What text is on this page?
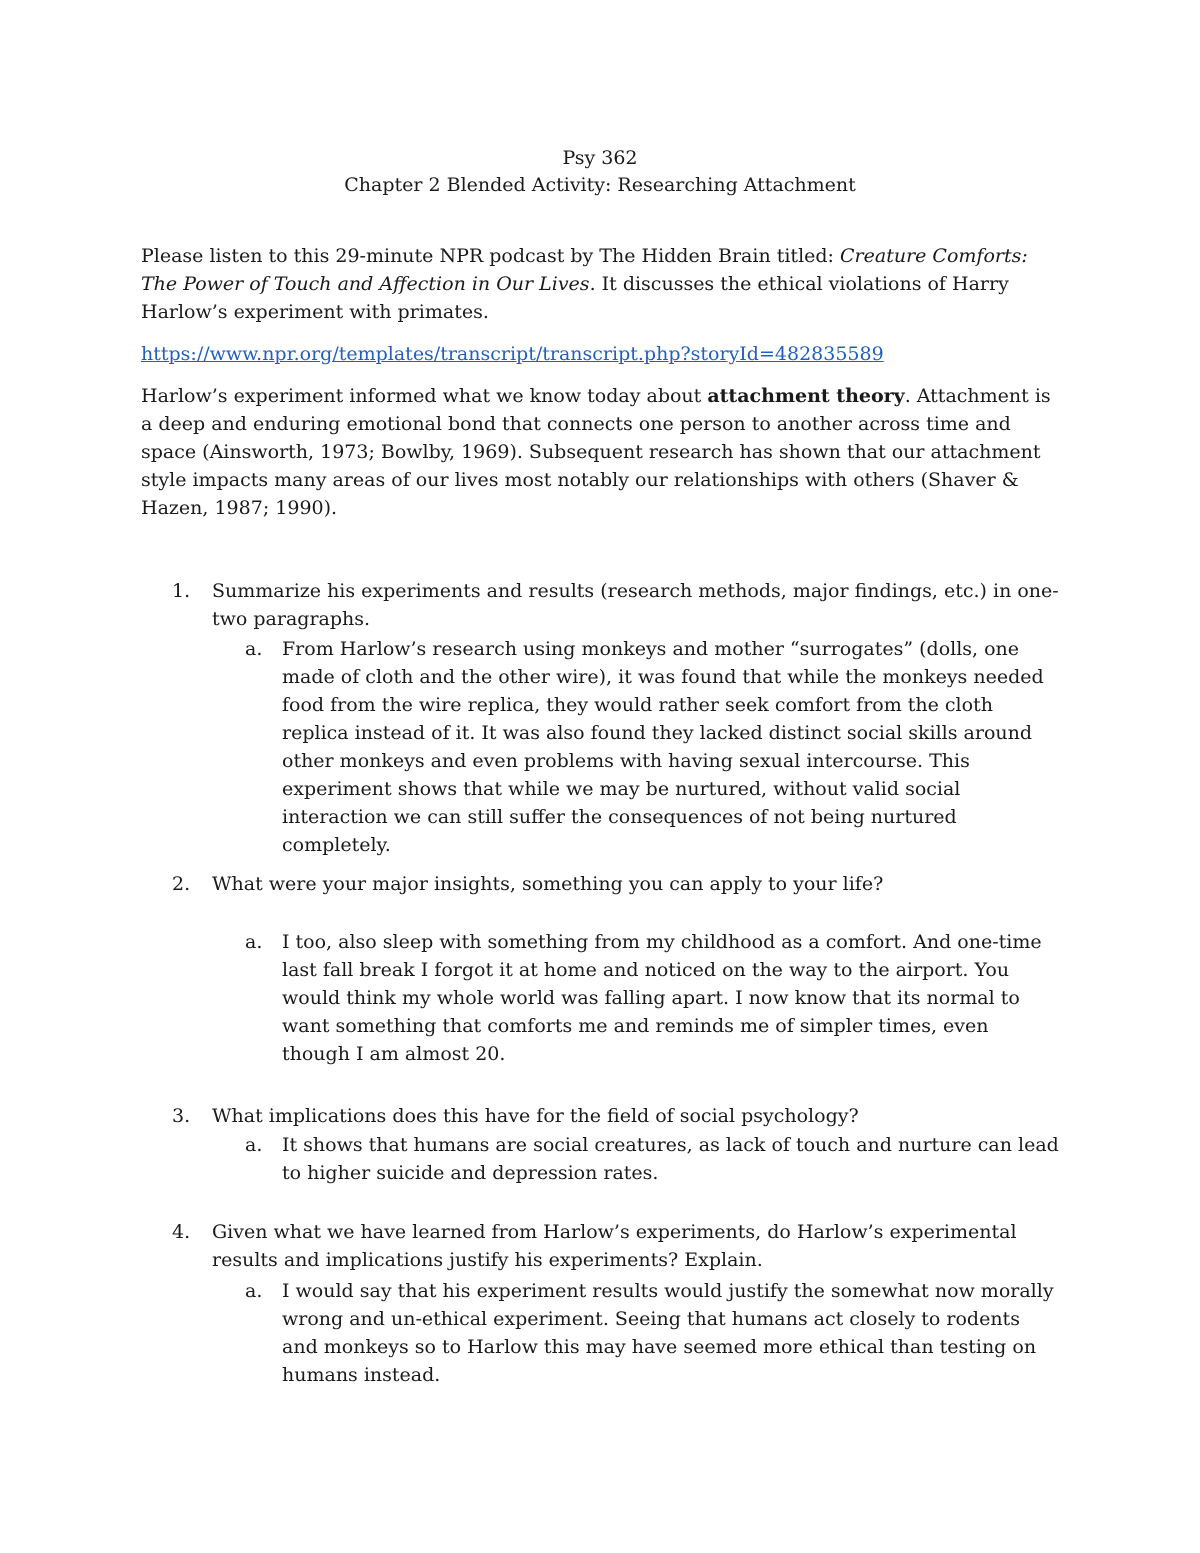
Psy 362
Chapter 2 Blended Activity: Researching Attachment
Please listen to this 29-minute NPR podcast by The Hidden Brain titled: Creature Comforts: The Power of Touch and Affection in Our Lives. It discusses the ethical violations of Harry Harlow’s experiment with primates.
https://www.npr.org/templates/transcript/transcript.php?storyId=482835589
Harlow’s experiment informed what we know today about attachment theory. Attachment is a deep and enduring emotional bond that connects one person to another across time and space (Ainsworth, 1973; Bowlby, 1969). Subsequent research has shown that our attachment style impacts many areas of our lives most notably our relationships with others (Shaver & Hazen, 1987; 1990).
1. Summarize his experiments and results (research methods, major findings, etc.) in one-two paragraphs.

a. From Harlow’s research using monkeys and mother “surrogates” (dolls, one made of cloth and the other wire), it was found that while the monkeys needed food from the wire replica, they would rather seek comfort from the cloth replica instead of it. It was also found they lacked distinct social skills around other monkeys and even problems with having sexual intercourse. This experiment shows that while we may be nurtured, without valid social interaction we can still suffer the consequences of not being nurtured completely.

2. What were your major insights, something you can apply to your life?

a. I too, also sleep with something from my childhood as a comfort. And one-time last fall break I forgot it at home and noticed on the way to the airport. You would think my whole world was falling apart. I now know that its normal to want something that comforts me and reminds me of simpler times, even though I am almost 20.

3. What implications does this have for the field of social psychology?

a. It shows that humans are social creatures, as lack of touch and nurture can lead to higher suicide and depression rates.

4. Given what we have learned from Harlow’s experiments, do Harlow’s experimental results and implications justify his experiments? Explain.

a. I would say that his experiment results would justify the somewhat now morally wrong and un-ethical experiment. Seeing that humans act closely to rodents and monkeys so to Harlow this may have seemed more ethical than testing on humans instead.
